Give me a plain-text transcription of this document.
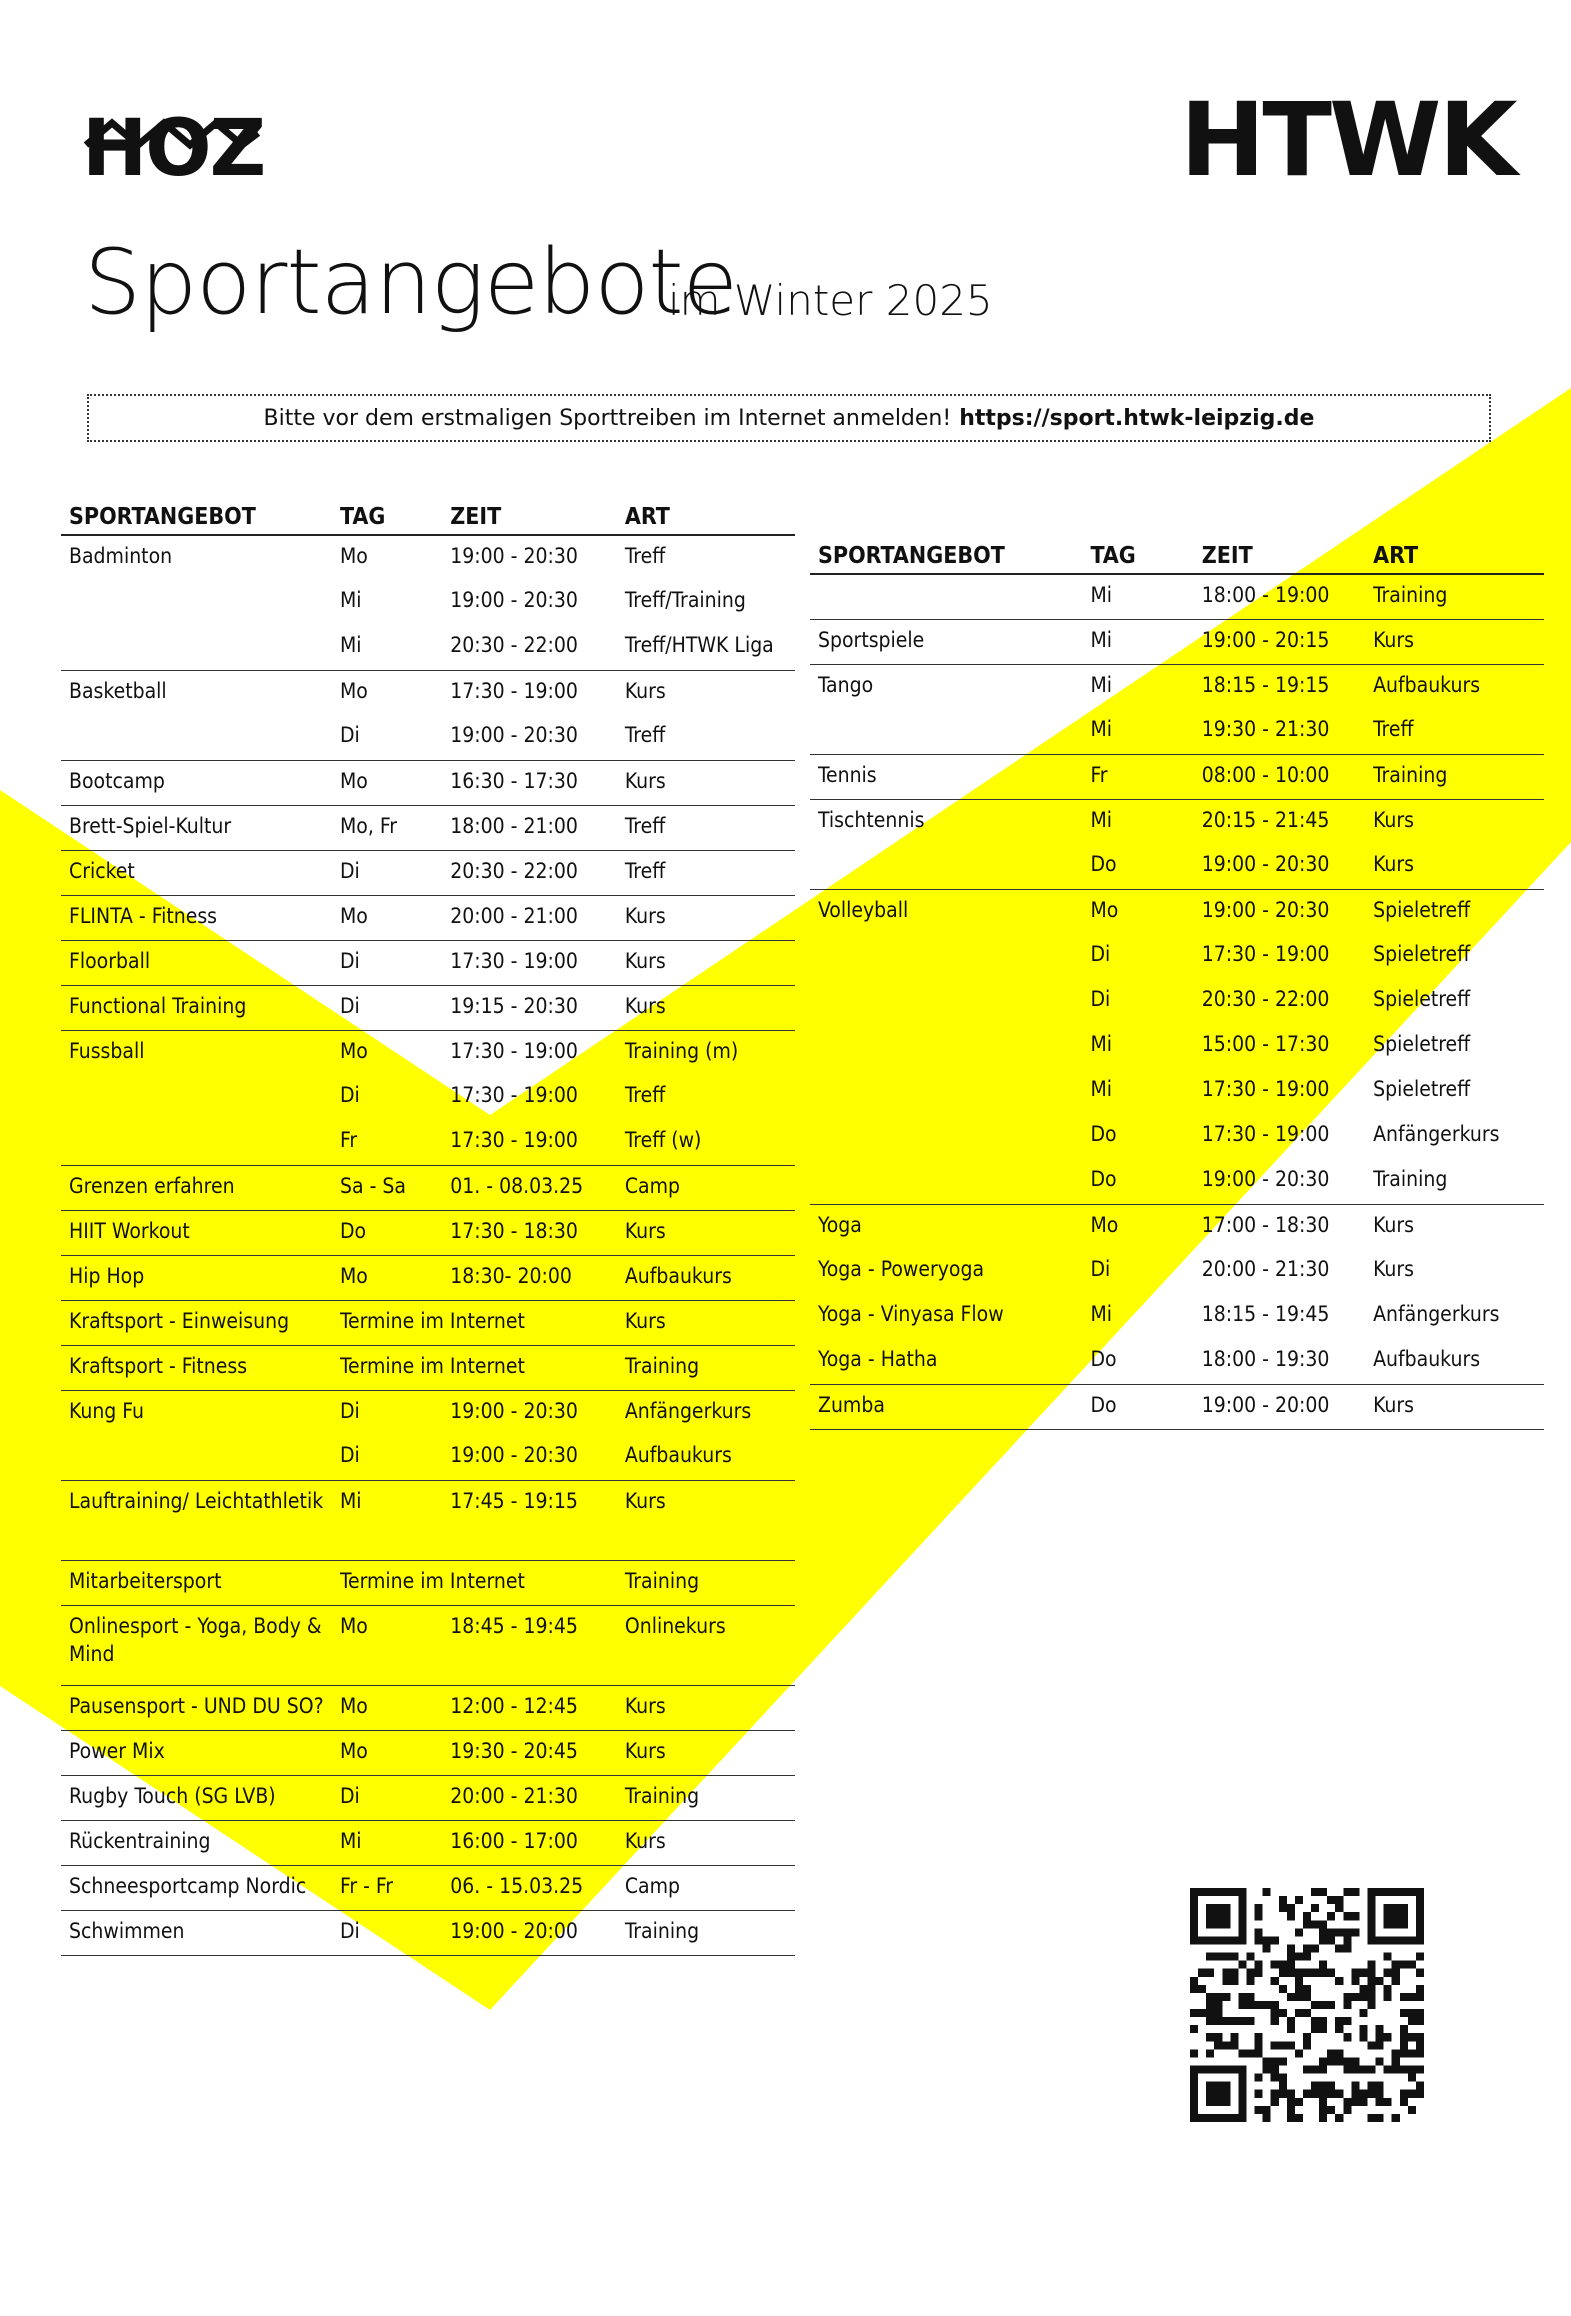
HOZ	HTWK
Sportangebote
im Winter 2025
Bitte vor dem erstmaligen Sporttreiben im Internet anmelden! https://sport.htwk-leipzig.de
SPORTANGEBOT	TAG	ZEIT	ART
Badminton	Mo	19:00 - 20:30	Treff
	Mi	19:00 - 20:30	Treff/Training
	Mi	20:30 - 22:00	Treff/HTWK Liga
Basketball	Mo	17:30 - 19:00	Kurs
	Di	19:00 - 20:30	Treff
Bootcamp	Mo	16:30 - 17:30	Kurs
Brett-Spiel-Kultur	Mo, Fr	18:00 - 21:00	Treff
Cricket	Di	20:30 - 22:00	Treff
FLINTA - Fitness	Mo	20:00 - 21:00	Kurs
Floorball	Di	17:30 - 19:00	Kurs
Functional Training	Di	19:15 - 20:30	Kurs
Fussball	Mo	17:30 - 19:00	Training (m)
	Di	17:30 - 19:00	Treff
	Fr	17:30 - 19:00	Treff (w)
Grenzen erfahren	Sa - Sa	01. - 08.03.25	Camp
HIIT Workout	Do	17:30 - 18:30	Kurs
Hip Hop	Mo	18:30- 20:00	Aufbaukurs
Kraftsport - Einweisung	Termine im Internet		Kurs
Kraftsport - Fitness	Termine im Internet		Training
Kung Fu	Di	19:00 - 20:30	Anfängerkurs
	Di	19:00 - 20:30	Aufbaukurs
Lauftraining/ Leichtathletik	Mi	17:45 - 19:15	Kurs
Mitarbeitersport	Termine im Internet		Training
Onlinesport - Yoga, Body & Mind	Mo	18:45 - 19:45	Onlinekurs
Pausensport - UND DU SO?	Mo	12:00 - 12:45	Kurs
Power Mix	Mo	19:30 - 20:45	Kurs
Rugby Touch (SG LVB)	Di	20:00 - 21:30	Training
Rückentraining	Mi	16:00 - 17:00	Kurs
Schneesportcamp Nordic	Fr - Fr	06. - 15.03.25	Camp
Schwimmen	Di	19:00 - 20:00	Training
SPORTANGEBOT	TAG	ZEIT	ART
	Mi	18:00 - 19:00	Training
Sportspiele	Mi	19:00 - 20:15	Kurs
Tango	Mi	18:15 - 19:15	Aufbaukurs
	Mi	19:30 - 21:30	Treff
Tennis	Fr	08:00 - 10:00	Training
Tischtennis	Mi	20:15 - 21:45	Kurs
	Do	19:00 - 20:30	Kurs
Volleyball	Mo	19:00 - 20:30	Spieletreff
	Di	17:30 - 19:00	Spieletreff
	Di	20:30 - 22:00	Spieletreff
	Mi	15:00 - 17:30	Spieletreff
	Mi	17:30 - 19:00	Spieletreff
	Do	17:30 - 19:00	Anfängerkurs
	Do	19:00 - 20:30	Training
Yoga	Mo	17:00 - 18:30	Kurs
Yoga - Poweryoga	Di	20:00 - 21:30	Kurs
Yoga - Vinyasa Flow	Mi	18:15 - 19:45	Anfängerkurs
Yoga - Hatha	Do	18:00 - 19:30	Aufbaukurs
Zumba	Do	19:00 - 20:00	Kurs
